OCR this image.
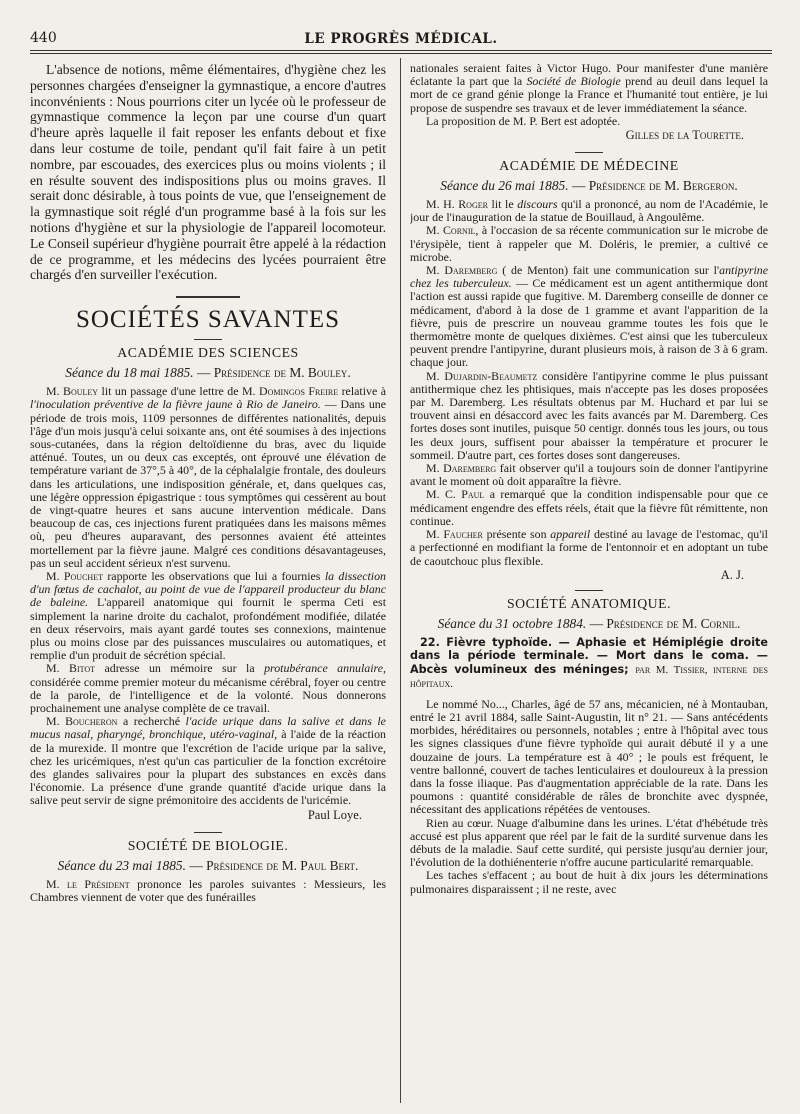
440	LE PROGRÈS MÉDICAL.

L'absence de notions, même élémentaires, d'hygiène chez les personnes chargées d'enseigner la gymnastique, a encore d'autres inconvénients : Nous pourrions citer un lycée où le professeur de gymnastique commence la leçon par une course d'un quart d'heure après laquelle il fait reposer les enfants debout et fixe dans leur costume de toile, pendant qu'il fait faire à un petit nombre, par escouades, des exercices plus ou moins violents ; il en résulte souvent des indispositions plus ou moins graves. Il serait donc désirable, à tous points de vue, que l'enseignement de la gymnastique soit réglé d'un programme basé à la fois sur les notions d'hygiène et sur la physiologie de l'appareil locomoteur. Le Conseil supérieur d'hygiène pourrait être appelé à la rédaction de ce programme, et les médecins des lycées pourraient être chargés d'en surveiller l'exécution.

SOCIÉTÉS SAVANTES
ACADÉMIE DES SCIENCES
Séance du 18 mai 1885. — Présidence de M. Bouley.

M. Bouley lit un passage d'une lettre de M. Domingos Freire relative à l'inoculation préventive de la fièvre jaune à Rio de Janeiro. — Dans une période de trois mois, 1109 personnes de différentes nationalités, depuis l'âge d'un mois jusqu'à celui soixante ans, ont été soumises à des injections sous-cutanées, dans la région deltoïdienne du bras, avec du liquide atténué. Toutes, un ou deux cas exceptés, ont éprouvé une élévation de température variant de 37°,5 à 40°, de la céphalalgie frontale, des douleurs dans les articulations, une indisposition générale, et, dans quelques cas, une légère oppression épigastrique : tous symptômes qui cessèrent au bout de vingt-quatre heures et sans aucune intervention médicale. Dans beaucoup de cas, ces injections furent pratiquées dans les maisons mêmes où, peu d'heures auparavant, des personnes avaient été atteintes mortellement par la fièvre jaune. Malgré ces conditions désavantageuses, pas un seul accident sérieux n'est survenu.

M. Pouchet rapporte les observations que lui a fournies la dissection d'un fœtus de cachalot, au point de vue de l'appareil producteur du blanc de baleine. L'appareil anatomique qui fournit le sperma Ceti est simplement la narine droite du cachalot, profondément modifiée, dilatée en deux réservoirs, mais ayant gardé toutes ses connexions, maintenue plus ou moins close par des puissances musculaires ou automatiques, et remplie d'un produit de sécrétion spécial.

M. Bitot adresse un mémoire sur la protubérance annulaire, considérée comme premier moteur du mécanisme cérébral, foyer ou centre de la parole, de l'intelligence et de la volonté. Nous donnerons prochainement une analyse complète de ce travail.

M. Boucheron a recherché l'acide urique dans la salive et dans le mucus nasal, pharyngé, bronchique, utéro-vaginal, à l'aide de la réaction de la murexide. Il montre que l'excrétion de l'acide urique par la salive, chez les uricémiques, n'est qu'un cas particulier de la fonction excrétoire des glandes salivaires pour la plupart des substances en excès dans l'économie. La présence d'une grande quantité d'acide urique dans la salive peut servir de signe prémonitoire des accidents de l'uricémie.

Paul Loye.
SOCIÉTÉ DE BIOLOGIE.
Séance du 23 mai 1885. — Présidence de M. Paul Bert.

M. le Président prononce les paroles suivantes : Messieurs, les Chambres viennent de voter que des funérailles

nationales seraient faites à Victor Hugo. Pour manifester d'une manière éclatante la part que la Société de Biologie prend au deuil dans lequel la mort de ce grand génie plonge la France et l'humanité tout entière, je lui propose de suspendre ses travaux et de lever immédiatement la séance.

La proposition de M. P. Bert est adoptée.

Gilles de la Tourette.
ACADÉMIE DE MÉDECINE
Séance du 26 mai 1885. — Présidence de M. Bergeron.

M. H. Roger lit le discours qu'il a prononcé, au nom de l'Académie, le jour de l'inauguration de la statue de Bouillaud, à Angoulême.

M. Cornil, à l'occasion de sa récente communication sur le microbe de l'érysipèle, tient à rappeler que M. Doléris, le premier, a cultivé ce microbe.

M. Daremberg ( de Menton) fait une communication sur l'antipyrine chez les tuberculeux. — Ce médicament est un agent antithermique dont l'action est aussi rapide que fugitive. M. Daremberg conseille de donner ce médicament, d'abord à la dose de 1 gramme et avant l'apparition de la fièvre, puis de prescrire un nouveau gramme toutes les fois que le thermomètre monte de quelques dixièmes. C'est ainsi que les tuberculeux peuvent prendre l'antipyrine, durant plusieurs mois, à raison de 3 à 6 gram. chaque jour.

M. Dujardin-Beaumetz considère l'antipyrine comme le plus puissant antithermique chez les phtisiques, mais n'accepte pas les doses proposées par M. Daremberg. Les résultats obtenus par M. Huchard et par lui se trouvent ainsi en désaccord avec les faits avancés par M. Daremberg. Ces fortes doses sont inutiles, puisque 50 centigr. donnés tous les jours, ou tous les deux jours, suffisent pour abaisser la température et procurer le sommeil. D'autre part, ces fortes doses sont dangereuses.

M. Daremberg fait observer qu'il a toujours soin de donner l'antipyrine avant le moment où doit apparaître la fièvre.

M. C. Paul a remarqué que la condition indispensable pour que ce médicament engendre des effets réels, était que la fièvre fût rémittente, non continue.

M. Faucher présente son appareil destiné au lavage de l'estomac, qu'il a perfectionné en modifiant la forme de l'entonnoir et en adoptant un tube de caoutchouc plus flexible.

A. J.
SOCIÉTÉ ANATOMIQUE.
Séance du 31 octobre 1884. — Présidence de M. Cornil.

22. Fièvre typhoïde. — Aphasie et Hémiplégie droite dans la période terminale. — Mort dans le coma. — Abcès volumineux des méninges; par M. Tissier, interne des hôpitaux.

Le nommé No..., Charles, âgé de 57 ans, mécanicien, né à Montauban, entré le 21 avril 1884, salle Saint-Augustin, lit n° 21. — Sans antécédents morbides, héréditaires ou personnels, notables ; entre à l'hôpital avec tous les signes classiques d'une fièvre typhoïde qui aurait débuté il y a une douzaine de jours. La température est à 40° ; le pouls est fréquent, le ventre ballonné, couvert de taches lenticulaires et douloureux à la pression dans la fosse iliaque. Pas d'augmentation appréciable de la rate. Dans les poumons : quantité considérable de râles de bronchite avec dyspnée, nécessitant des applications répétées de ventouses.

Rien au cœur. Nuage d'albumine dans les urines. L'état d'hébétude très accusé est plus apparent que réel par le fait de la surdité survenue dans les débuts de la maladie. Sauf cette surdité, qui persiste jusqu'au dernier jour, l'évolution de la dothiénenterie n'offre aucune particularité remarquable.

Les taches s'effacent ; au bout de huit à dix jours les déterminations pulmonaires disparaissent ; il ne reste, avec
